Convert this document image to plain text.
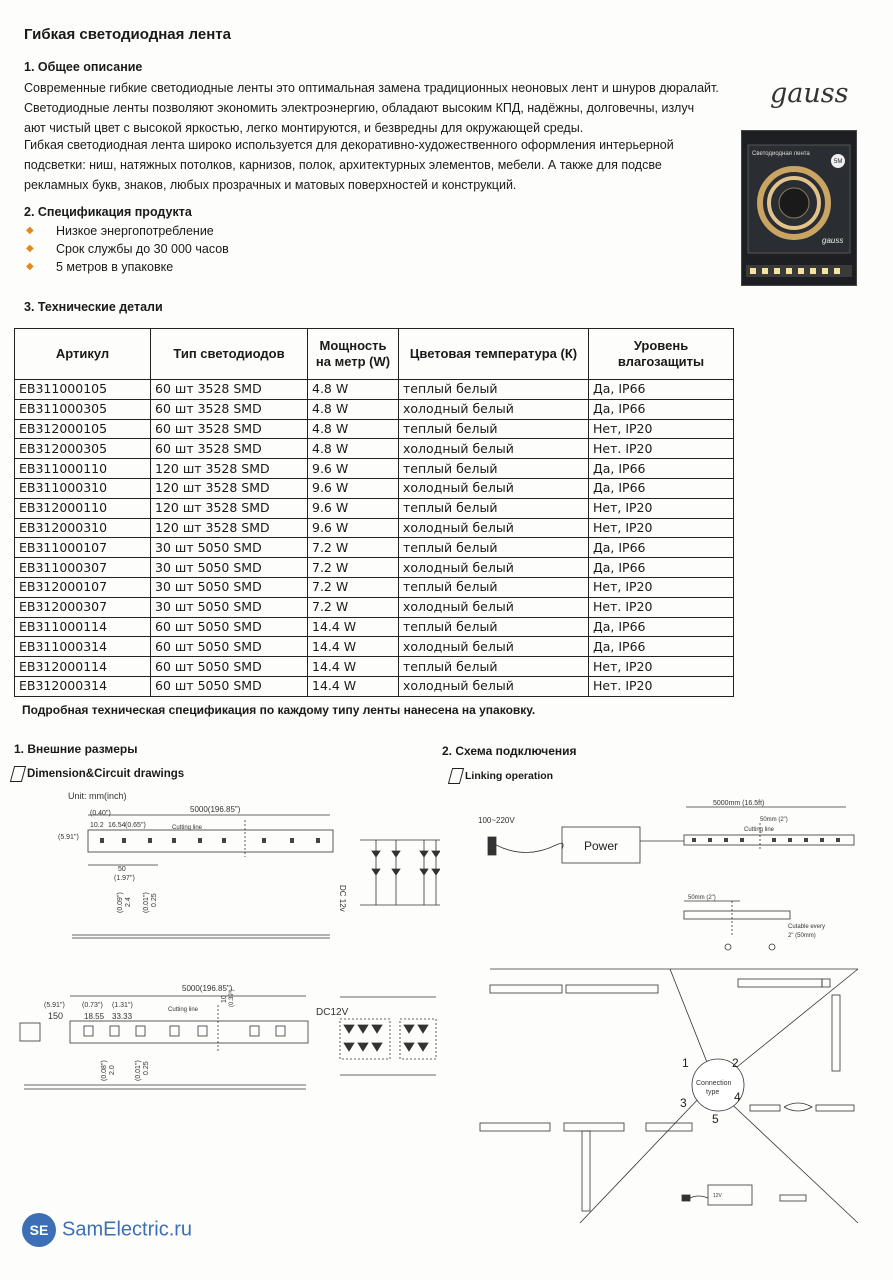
Гибкая светодиодная лента
1. Общее описание
Современные гибкие светодиодные ленты это оптимальная замена традиционных неоновых лент и шнуров дюралайт.
Светодиодные ленты позволяют экономить электроэнергию, обладают высоким КПД, надёжны, долговечны, излуч
ают чистый цвет с высокой яркостью, легко монтируются, и безвредны для окружающей среды.
Гибкая светодиодная лента широко используется для декоративно-художественного оформления интерьерной
подсветки: ниш, натяжных потолков, карнизов, полок, архитектурных элементов, мебели. А также для подсве
рекламных букв, знаков, любых прозрачных и матовых поверхностей и конструкций.
gauss
Светодиодная лента
5M
gauss
2. Спецификация продукта
◆ Низкое энергопотребление
◆ Срок службы до 30 000 часов
◆ 5 метров в упаковке
3. Технические детали
Артикул	Тип светодиодов	Мощность на метр (W)	Цветовая температура (К)	Уровень влагозащиты
EB311000105	60 шт 3528 SMD	4.8 W	теплый белый	Да, IP66
EB311000305	60 шт 3528 SMD	4.8 W	холодный белый	Да, IP66
EB312000105	60 шт 3528 SMD	4.8 W	теплый белый	Нет, IP20
EB312000305	60 шт 3528 SMD	4.8 W	холодный белый	Нет. IP20
EB311000110	120 шт 3528 SMD	9.6 W	теплый белый	Да, IP66
EB311000310	120 шт 3528 SMD	9.6 W	холодный белый	Да, IP66
EB312000110	120 шт 3528 SMD	9.6 W	теплый белый	Нет, IP20
EB312000310	120 шт 3528 SMD	9.6 W	холодный белый	Нет, IP20
EB311000107	30 шт 5050 SMD	7.2 W	теплый белый	Да, IP66
EB311000307	30 шт 5050 SMD	7.2 W	холодный белый	Да, IP66
EB312000107	30 шт 5050 SMD	7.2 W	теплый белый	Нет, IP20
EB312000307	30 шт 5050 SMD	7.2 W	холодный белый	Нет. IP20
EB311000114	60 шт 5050 SMD	14.4 W	теплый белый	Да, IP66
EB311000314	60 шт 5050 SMD	14.4 W	холодный белый	Да, IP66
EB312000114	60 шт 5050 SMD	14.4 W	теплый белый	Нет, IP20
EB312000314	60 шт 5050 SMD	14.4 W	холодный белый	Нет. IP20
Подробная техническая спецификация по каждому типу ленты нанесена на упаковку.
1. Внешние размеры
Dimension&Circuit drawings
Unit: mm(inch)
5000(196.85")
(0.40")
10.2 16.54 (0.65")
(5.91")
Cutting line
50
(1.97")
(0.09") 2.4 (0.01") 0.25	DC 12v
5000(196.85")
(5.91")
150
(0.73")
18.55
(1.31")
33.33
Cutting line
10 (0.39")
(0.08") 2.0	(0.01") 0.25
DC12V
2. Схема подключения
Linking operation
100~220V
Power
5000mm (16.5ft)
50mm (2")
Cutting line
50mm (2")
Cutable every
2" (50mm)
Connection
type
1	2
3	4
5
12V
SE SamElectric.ru
